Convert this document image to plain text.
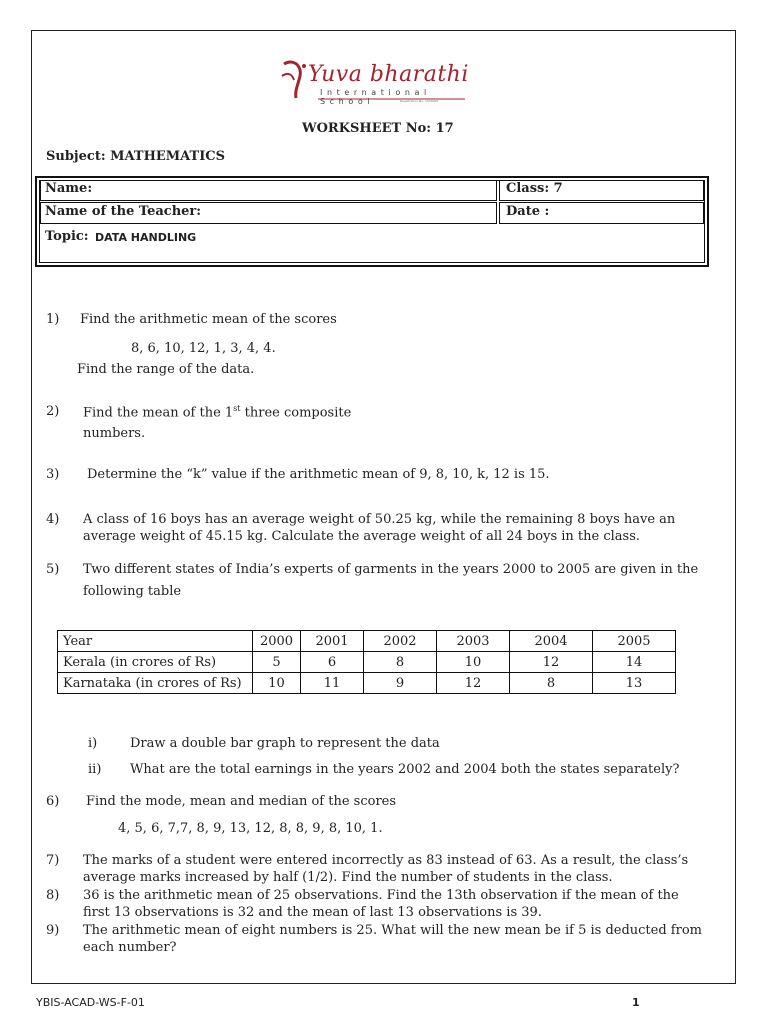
Yuva bharathi
International School	Registration No. 1930005
WORKSHEET No: 17
Subject: MATHEMATICS
Name:	Class: 7
Name of the Teacher:	Date :
Topic: DATA HANDLING
1) Find the arithmetic mean of the scores
8, 6, 10, 12, 1, 3, 4, 4.
Find the range of the data.
2) Find the mean of the 1st three composite
numbers.
3) Determine the “k” value if the arithmetic mean of 9, 8, 10, k, 12 is 15.
4) A class of 16 boys has an average weight of 50.25 kg, while the remaining 8 boys have an
average weight of 45.15 kg. Calculate the average weight of all 24 boys in the class.
5) Two different states of India’s experts of garments in the years 2000 to 2005 are given in the
following table
Year	2000	2001	2002	2003	2004	2005
Kerala (in crores of Rs)	5	6	8	10	12	14
Karnataka (in crores of Rs)	10	11	9	12	8	13
i)	Draw a double bar graph to represent the data
ii) What are the total earnings in the years 2002 and 2004 both the states separately?
6) Find the mode, mean and median of the scores
4, 5, 6, 7,7, 8, 9, 13, 12, 8, 8, 9, 8, 10, 1.
7) The marks of a student were entered incorrectly as 83 instead of 63. As a result, the class’s
average marks increased by half (1/2). Find the number of students in the class.
8) 36 is the arithmetic mean of 25 observations. Find the 13th observation if the mean of the
first 13 observations is 32 and the mean of last 13 observations is 39.
9) The arithmetic mean of eight numbers is 25. What will the new mean be if 5 is deducted from
each number?
YBIS-ACAD-WS-F-01	1
